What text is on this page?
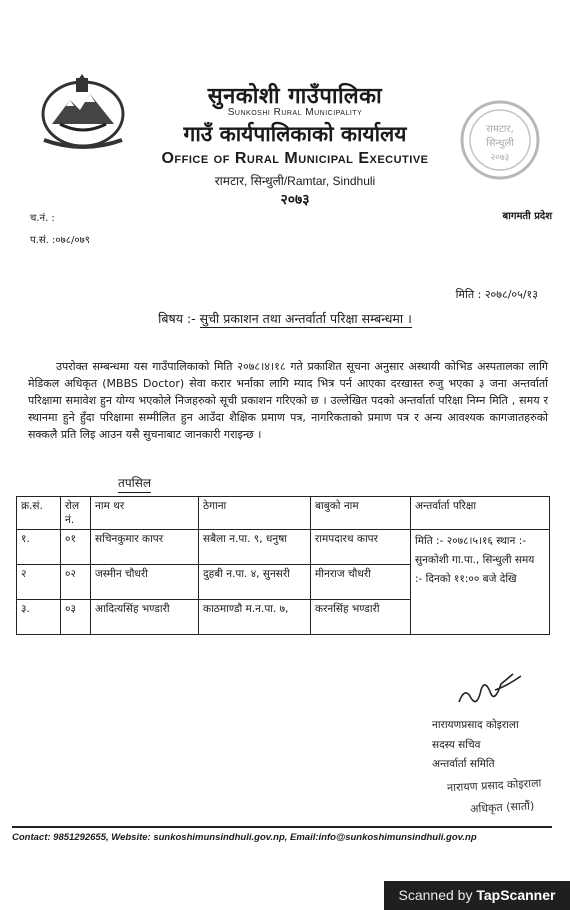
सुनकोशी गाउँपालिका
Sunkoshi Rural Municipality
गाउँ कार्यपालिकाको कार्यालय
Office of Rural Municipal Executive
रामटार, सिन्धुली/Ramtar, Sindhuli
२०७३
रामटार,
सिन्धुली
२०७३
बागमती प्रदेश
च.नं. :
प.सं. :०७८/०७९
मिति : २०७८/०५/१३
बिषय :- सुची प्रकाशन तथा अन्तर्वार्ता परिक्षा सम्बन्धमा ।
उपरोक्त सम्बन्धमा यस गाउँपालिकाको मिति २०७८।४।१८ गते प्रकाशित सूचना अनुसार अस्थायी कोभिड अस्पतालका लागि मेडिकल अधिकृत (MBBS Doctor) सेवा करार भर्नाका लागि म्याद भित्र पर्न आएका दरखास्त रुजु भएका ३ जना अन्तर्वार्ता परिक्षामा समावेश हुन योग्य भएकोले निजहरुको सूची प्रकाशन गरिएको छ । उल्लेखित पदको अन्तर्वार्ता परिक्षा निम्न मिति , समय र स्थानमा हुने हुँदा परिक्षामा सम्मीलित हुन आउँदा शैक्षिक प्रमाण पत्र, नागरिकताको प्रमाण पत्र र अन्य आवश्यक कागजातहरुको सक्कलै प्रति लिइ आउन यसै सुचनाबाट जानकारी गराइन्छ ।
तपसिल
क्र.सं.	रोल नं.	नाम थर	ठेगाना	बाबुको नाम	अन्तर्वार्ता परिक्षा
१.	०१	सचिनकुमार कापर	सबैला न.पा. ९, धनुषा	रामपदारथ कापर	मिति :- २०७८।५।१६ स्थान :- सुनकोशी गा.पा., सिन्धुली समय :- दिनको ११:०० बजे देखि
२	०२	जस्मीन चौधरी	दुहबी न.पा. ४, सुनसरी	मीनराज चौधरी	
३.	०३	आदित्यसिंह भण्डारी	काठमाण्डौ म.न.पा. ७,	करनसिंह भण्डारी	
नारायणप्रसाद कोइराला
सदस्य सचिव
अन्तर्वार्ता समिति
नारायण प्रसाद कोइराला
अधिकृत (सातौं)
Contact: 9851292655, Website: sunkoshimunsindhuli.gov.np, Email:info@sunkoshimunsindhuli.gov.np
Scanned by TapScanner
